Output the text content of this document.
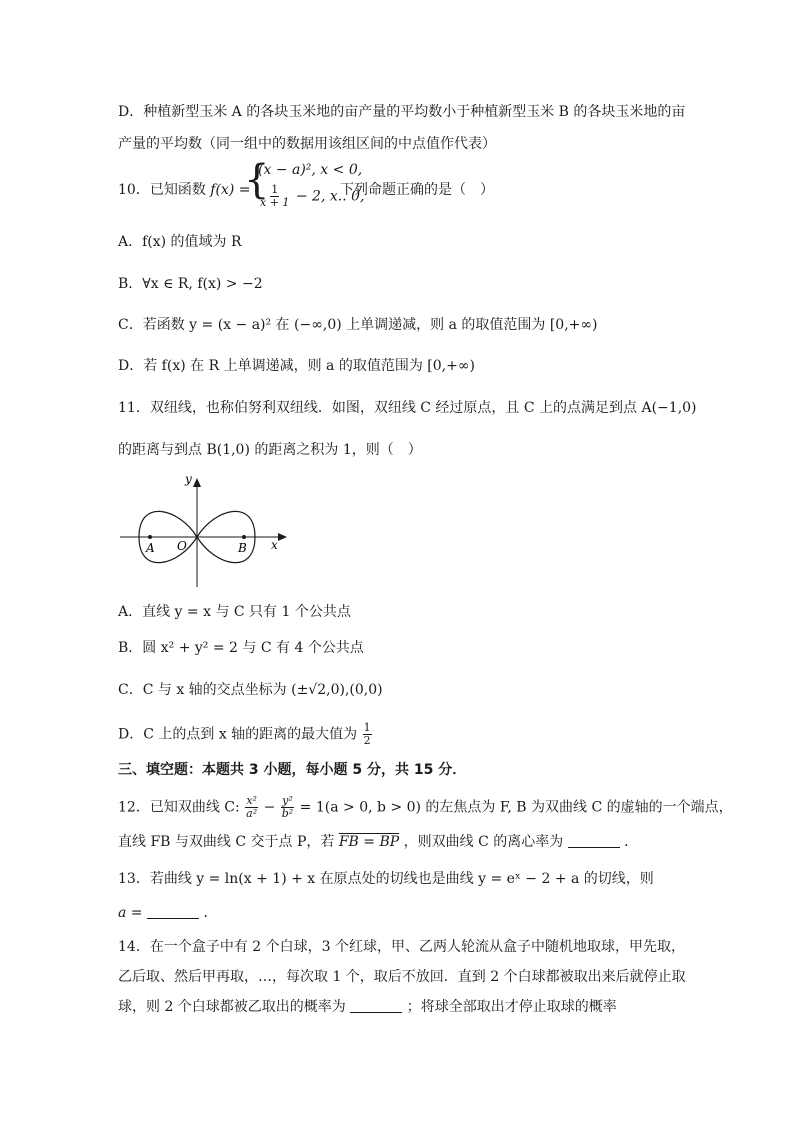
D．种植新型玉米 A 的各块玉米地的亩产量的平均数小于种植新型玉米 B 的各块玉米地的亩
产量的平均数（同一组中的数据用该组区间的中点值作代表）
10．已知函数 f(x) =
{
(x − a)², x < 0,
$\frac{1}{x + 1} - 2$, x.. 0,
下列命题正确的是（　）
A．f(x) 的值域为 R
B．∀x ∈ R, f(x) > −2
C．若函数 y = (x − a)² 在 (−∞,0) 上单调递减，则 a 的取值范围为 [0,+∞)
D．若 f(x) 在 R 上单调递减，则 a 的取值范围为 [0,+∞)
11．双纽线，也称伯努利双纽线．如图，双纽线 C 经过原点，且 C 上的点满足到点 A(−1,0)
的距离与到点 B(1,0) 的距离之积为 1，则（　）
y
x
A O	B
A．直线 y = x 与 C 只有 1 个公共点
B．圆 x² + y² = 2 与 C 有 4 个公共点
C．C 与 x 轴的交点坐标为 (±√2,0),(0,0)
D．C 上的点到 x 轴的距离的最大值为 $\frac{1}{2}$
三、填空题：本题共 3 小题，每小题 5 分，共 15 分．
12．已知双曲线 C: $\frac{\text{x²}}{\text{a²}} - \frac{\text{y²}}{\text{b²}} = 1(a > 0$, b > 0) 的左焦点为 F, B 为双曲线 C 的虚轴的一个端点，
直线 FB 与双曲线 C 交于点 P，若 FB = BP ，则双曲线 C 的离心率为	．
13．若曲线 y = ln(x + 1) + x 在原点处的切线也是曲线 y = eˣ − 2 + a 的切线，则
a =	．
14．在一个盒子中有 2 个白球，3 个红球，甲、乙两人轮流从盒子中随机地取球，甲先取，
乙后取、然后甲再取，…，每次取 1 个，取后不放回．直到 2 个白球都被取出来后就停止取
球，则 2 个白球都被乙取出的概率为	；将球全部取出才停止取球的概率
